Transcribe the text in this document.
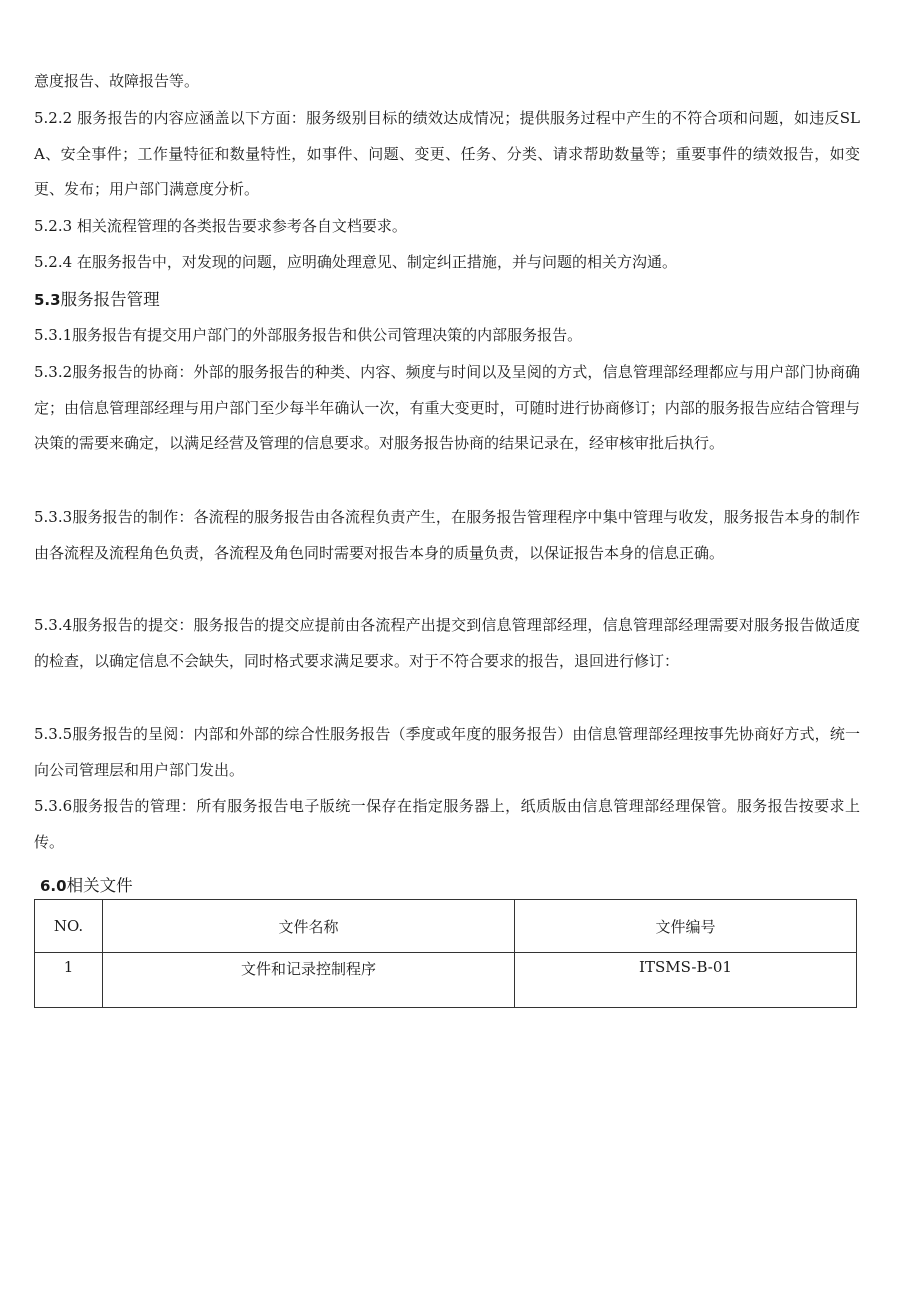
意度报告、故障报告等。

5.2.2 服务报告的内容应涵盖以下方面：服务级别目标的绩效达成情况；提供服务过程中产生的不符合项和问题，如违反SLA、安全事件；工作量特征和数量特性，如事件、问题、变更、任务、分类、请求帮助数量等；重要事件的绩效报告，如变更、发布；用户部门满意度分析。

5.2.3 相关流程管理的各类报告要求参考各自文档要求。

5.2.4 在服务报告中，对发现的问题，应明确处理意见、制定纠正措施，并与问题的相关方沟通。

5.3服务报告管理

5.3.1服务报告有提交用户部门的外部服务报告和供公司管理决策的内部服务报告。

5.3.2服务报告的协商：外部的服务报告的种类、内容、频度与时间以及呈阅的方式，信息管理部经理都应与用户部门协商确定；由信息管理部经理与用户部门至少每半年确认一次，有重大变更时，可随时进行协商修订；内部的服务报告应结合管理与决策的需要来确定，以满足经营及管理的信息要求。对服务报告协商的结果记录在，经审核审批后执行。

5.3.3服务报告的制作：各流程的服务报告由各流程负责产生，在服务报告管理程序中集中管理与收发，服务报告本身的制作由各流程及流程角色负责，各流程及角色同时需要对报告本身的质量负责，以保证报告本身的信息正确。

5.3.4服务报告的提交：服务报告的提交应提前由各流程产出提交到信息管理部经理，信息管理部经理需要对服务报告做适度的检查，以确定信息不会缺失，同时格式要求满足要求。对于不符合要求的报告，退回进行修订：

5.3.5服务报告的呈阅：内部和外部的综合性服务报告（季度或年度的服务报告）由信息管理部经理按事先协商好方式，统一向公司管理层和用户部门发出。

5.3.6服务报告的管理：所有服务报告电子版统一保存在指定服务器上，纸质版由信息管理部经理保管。服务报告按要求上传。

6.0相关文件
NO.	文件名称	文件编号
1	文件和记录控制程序	ITSMS-B-01
